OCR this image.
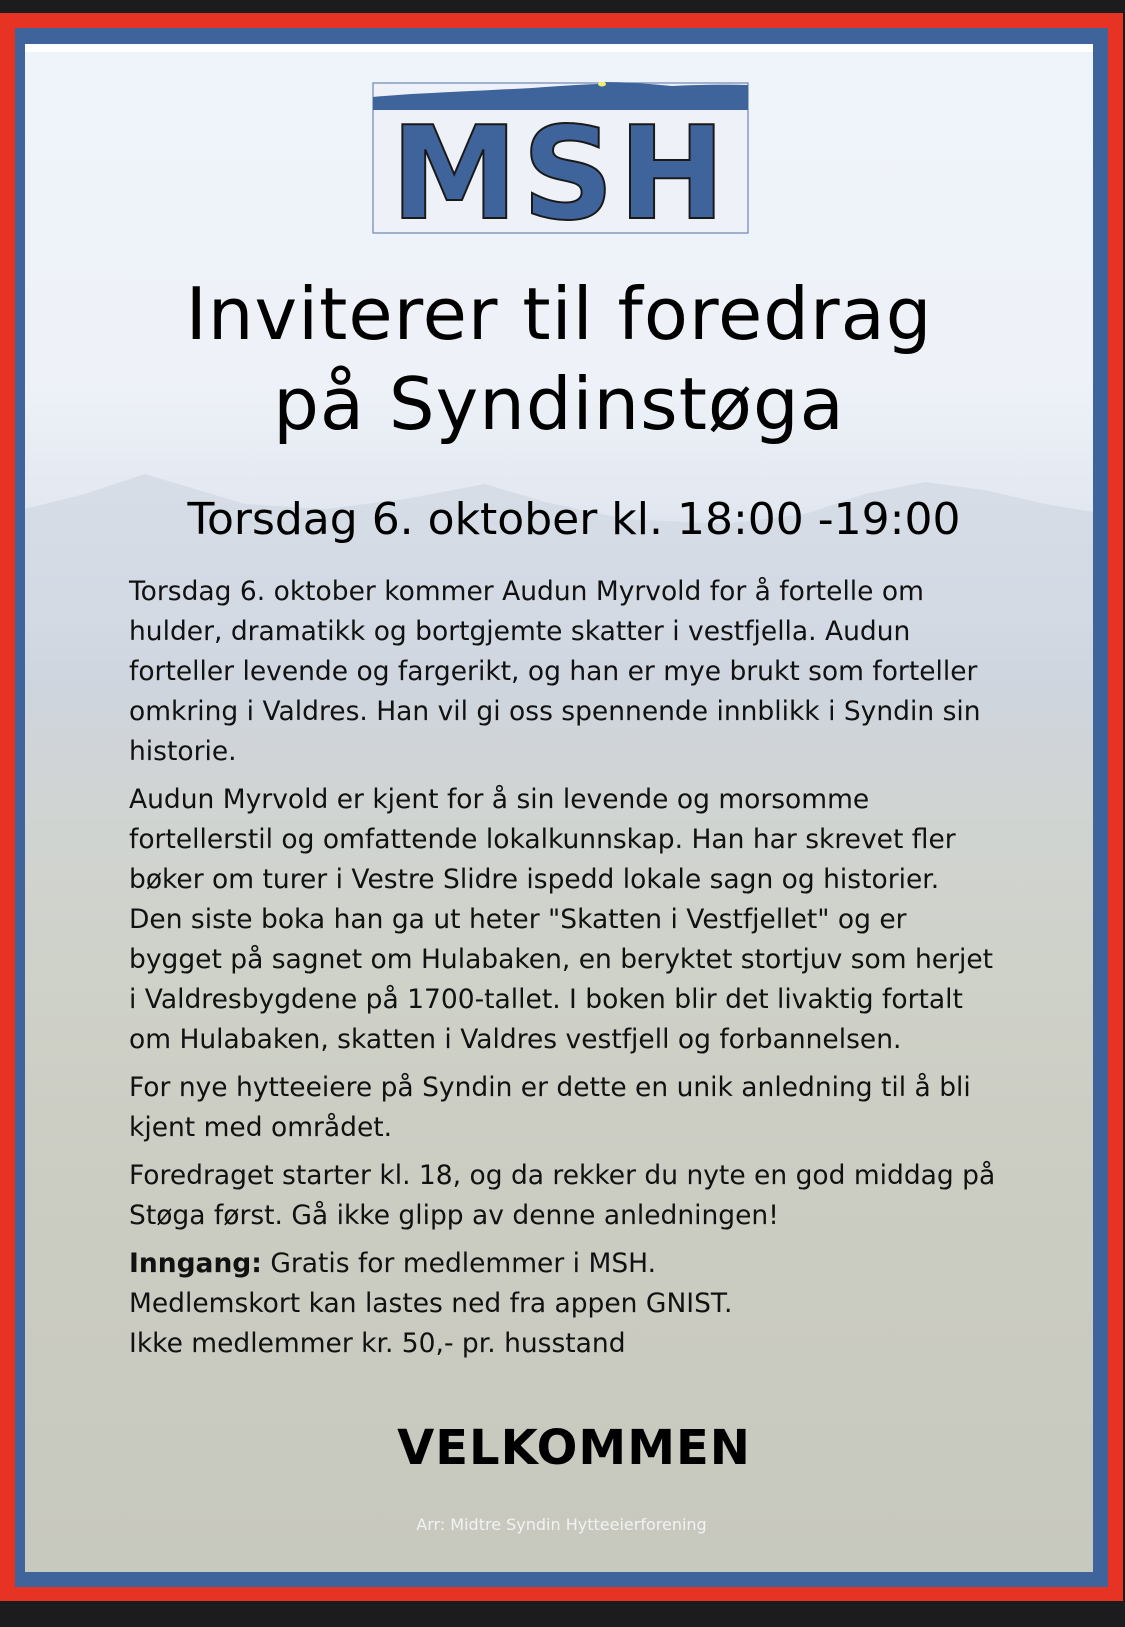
MSH
Inviterer til foredrag
på Syndinstøga
Torsdag 6. oktober kl. 18:00 -19:00

Torsdag 6. oktober kommer Audun Myrvold for å fortelle om hulder, dramatikk og bortgjemte skatter i vestfjella. Audun forteller levende og fargerikt, og han er mye brukt som forteller omkring i Valdres. Han vil gi oss spennende innblikk i Syndin sin historie.

Audun Myrvold er kjent for å sin levende og morsomme fortellerstil og omfattende lokalkunnskap. Han har skrevet fler bøker om turer i Vestre Slidre ispedd lokale sagn og historier. Den siste boka han ga ut heter "Skatten i Vestfjellet" og er bygget på sagnet om Hulabaken, en beryktet stortjuv som herjet i Valdresbygdene på 1700-tallet. I boken blir det livaktig fortalt om Hulabaken, skatten i Valdres vestfjell og forbannelsen.

For nye hytteeiere på Syndin er dette en unik anledning til å bli kjent med området.

Foredraget starter kl. 18, og da rekker du nyte en god middag på Støga først. Gå ikke glipp av denne anledningen!

Inngang: Gratis for medlemmer i MSH.
Medlemskort kan lastes ned fra appen GNIST.
Ikke medlemmer kr. 50,- pr. husstand

VELKOMMEN
Arr: Midtre Syndin Hytteeierforening
